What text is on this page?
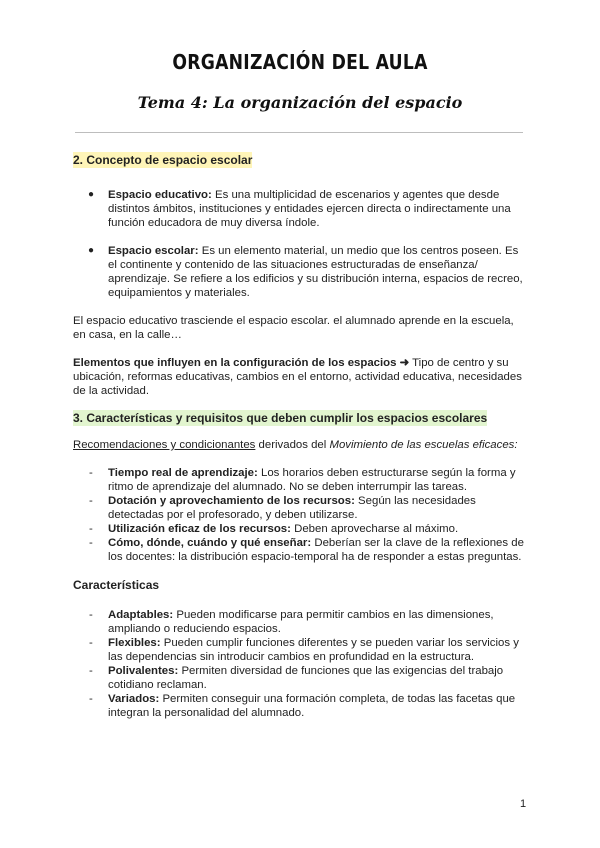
ORGANIZACIÓN DEL AULA
Tema 4: La organización del espacio
2. Concepto de espacio escolar
● Espacio educativo: Es una multiplicidad de escenarios y agentes que desde distintos ámbitos, instituciones y entidades ejercen directa o indirectamente una función educadora de muy diversa índole.
● Espacio escolar: Es un elemento material, un medio que los centros poseen. Es el continente y contenido de las situaciones estructuradas de enseñanza/ aprendizaje. Se refiere a los edificios y su distribución interna, espacios de recreo, equipamientos y materiales.

El espacio educativo trasciende el espacio escolar. el alumnado aprende en la escuela, en casa, en la calle…

Elementos que influyen en la configuración de los espacios ➜ Tipo de centro y su ubicación, reformas educativas, cambios en el entorno, actividad educativa, necesidades de la actividad.

3. Características y requisitos que deben cumplir los espacios escolares

Recomendaciones y condicionantes derivados del Movimiento de las escuelas eficaces:

- Tiempo real de aprendizaje: Los horarios deben estructurarse según la forma y ritmo de aprendizaje del alumnado. No se deben interrumpir las tareas.
- Dotación y aprovechamiento de los recursos: Según las necesidades detectadas por el profesorado, y deben utilizarse.
- Utilización eficaz de los recursos: Deben aprovecharse al máximo.
- Cómo, dónde, cuándo y qué enseñar: Deberían ser la clave de la reflexiones de los docentes: la distribución espacio-temporal ha de responder a estas preguntas.

Características

- Adaptables: Pueden modificarse para permitir cambios en las dimensiones, ampliando o reduciendo espacios.
- Flexibles: Pueden cumplir funciones diferentes y se pueden variar los servicios y las dependencias sin introducir cambios en profundidad en la estructura.
- Polivalentes: Permiten diversidad de funciones que las exigencias del trabajo cotidiano reclaman.
- Variados: Permiten conseguir una formación completa, de todas las facetas que integran la personalidad del alumnado.
1
